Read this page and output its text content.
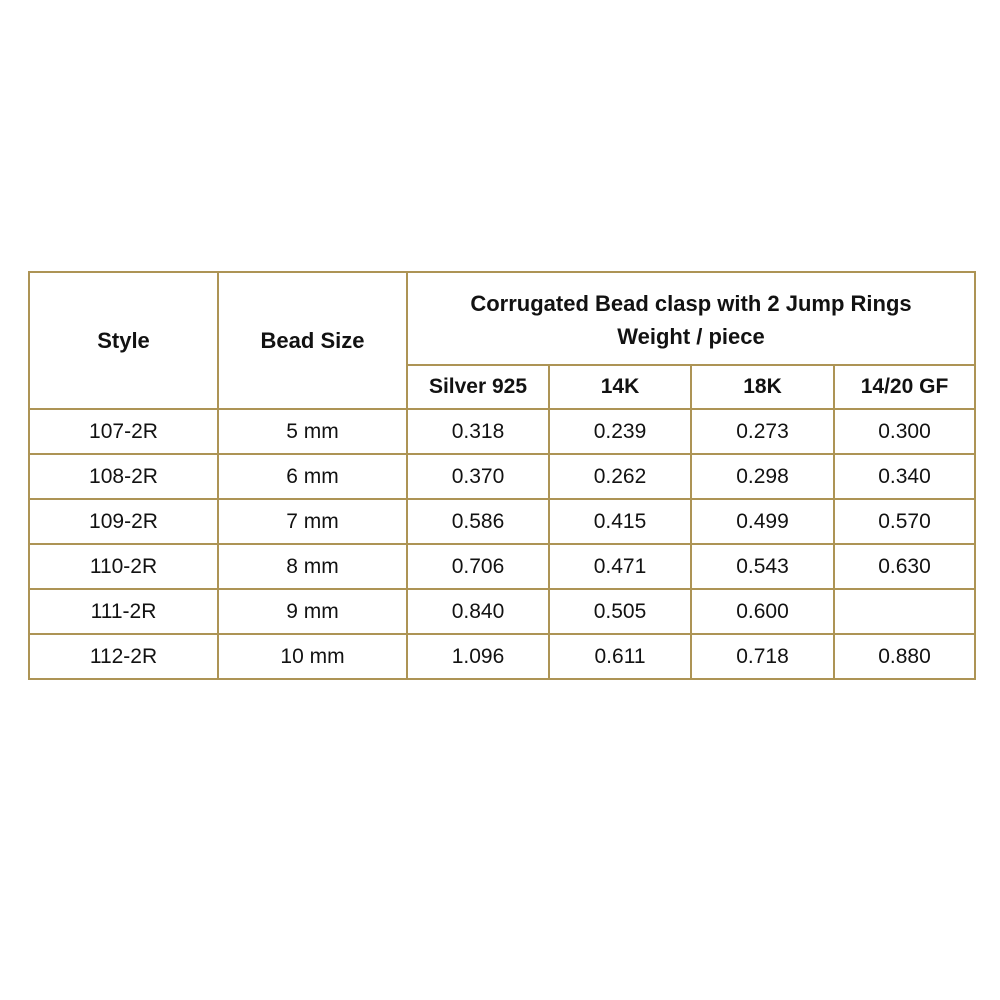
Style	Bead Size	Corrugated Bead clasp with 2 Jump Rings
Weight / piece			

		Silver 925	14K	18K	14/20 GF
107-2R	5 mm	0.318	0.239	0.273	0.300
108-2R	6 mm	0.370	0.262	0.298	0.340
109-2R	7 mm	0.586	0.415	0.499	0.570
110-2R	8 mm	0.706	0.471	0.543	0.630
111-2R	9 mm	0.840	0.505	0.600	
112-2R	10 mm	1.096	0.611	0.718	0.880
